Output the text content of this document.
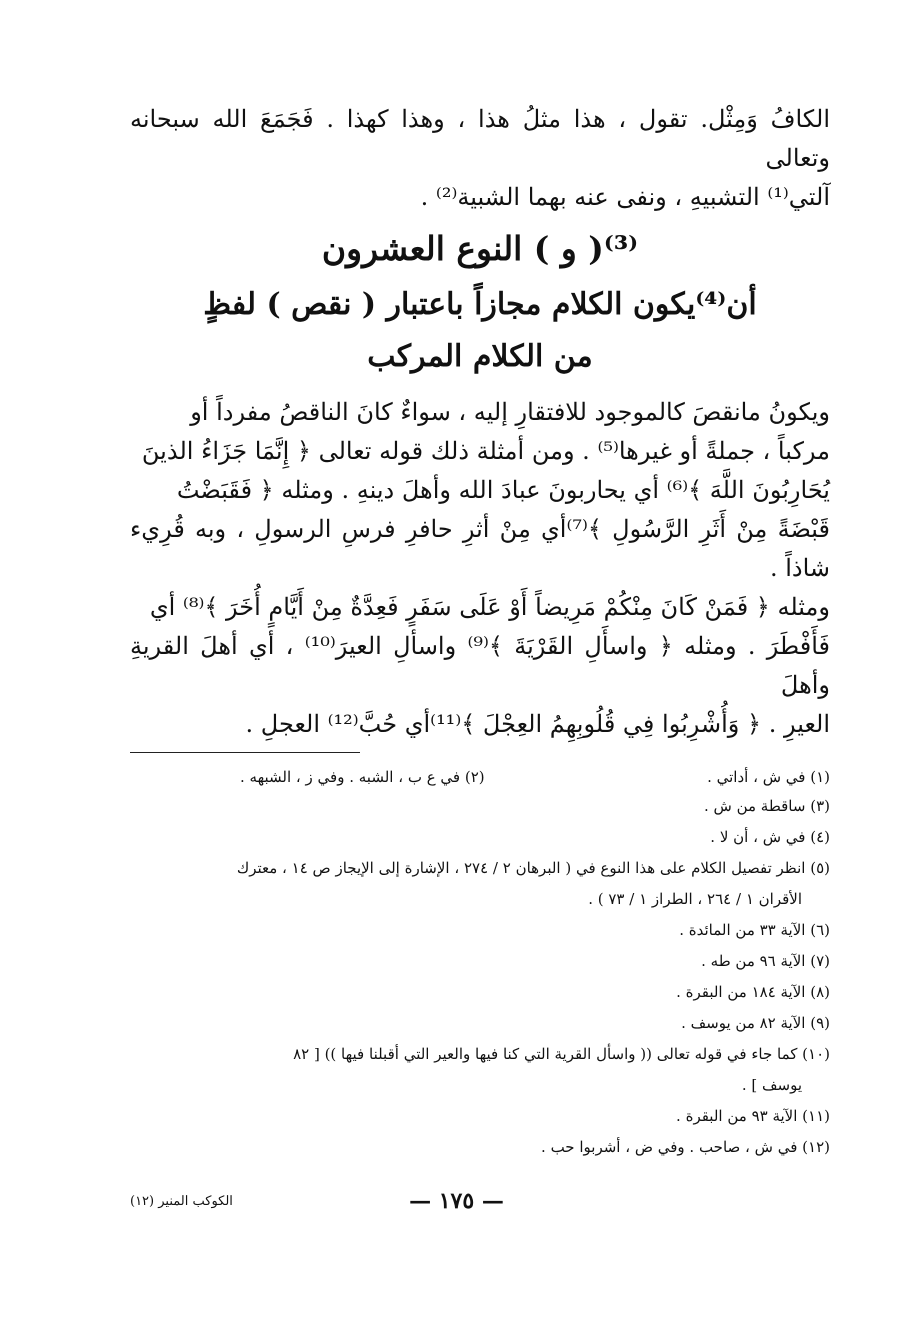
الكافُ وَمِثْل. تقول ، هذا مثلُ هذا ، وهذا كهذا . فَجَمَعَ الله سبحانه وتعالى

آلتي⁽¹⁾ التشبيهِ ، ونفى عنه بهما الشبية⁽²⁾ .

⁽³⁾( و ) النوع العشرون
أن⁽⁴⁾يكون الكلام مجازاً باعتبار ( نقص ) لفظٍ
من الكلام المركب

ويكونُ مانقصَ كالموجود للافتقارِ إليه ، سواءٌ كانَ الناقصُ مفرداً أو

مركباً ، جملةً أو غيرها⁽⁵⁾ . ومن أمثلة ذلك قوله تعالى ﴿ إِنَّمَا جَزَاءُ الذينَ

يُحَارِبُونَ اللَّهَ ﴾⁽⁶⁾ أي يحاربونَ عبادَ الله وأهلَ دينهِ . ومثله ﴿ فَقَبَضْتُ

قَبْضَةً مِنْ أَثَرِ الرَّسُولِ ﴾⁽⁷⁾أي مِنْ أثرِ حافرِ فرسِ الرسولِ ، وبه قُرِيء شاذاً .

ومثله ﴿ فَمَنْ كَانَ مِنْكُمْ مَرِيضاً أَوْ عَلَى سَفَرٍ فَعِدَّةٌ مِنْ أَيَّامٍ أُخَرَ ﴾⁽⁸⁾ أي

فَأَفْطَرَ . ومثله ﴿ واسأَلِ القَرْيَةَ ﴾⁽⁹⁾ واسألِ العيرَ⁽¹⁰⁾ ، أي أهلَ القريةِ وأهلَ

العيرِ . ﴿ وَأُشْرِبُوا فِي قُلُوبِهِمُ العِجْلَ ﴾⁽¹¹⁾أي حُبَّ⁽¹²⁾ العجلِ .

(١) في ش ، أداتي .
(٢) في ع ب ، الشبه . وفي ز ، الشبهه .

(٣) ساقطة من ش .

(٤) في ش ، أن لا .

(٥) انظر تفصيل الكلام على هذا النوع في ( البرهان ٢ / ٢٧٤ ، الإشارة إلى الإيجاز ص ١٤ ، معترك

الأقران ١ / ٢٦٤ ، الطراز ١ / ٧٣ ) .

(٦) الآية ٣٣ من المائدة .

(٧) الآية ٩٦ من طه .

(٨) الآية ١٨٤ من البقرة .

(٩) الآية ٨٢ من يوسف .

(١٠) كما جاء في قوله تعالى (( واسأل القرية التي كنا فيها والعير التي أقبلنا فيها )) [ ٨٢

يوسف ] .

(١١) الآية ٩٣ من البقرة .

(١٢) في ش ، صاحب . وفي ض ، أشربوا حب .

— ١٧٥ —
الكوكب المنير (١٢)
